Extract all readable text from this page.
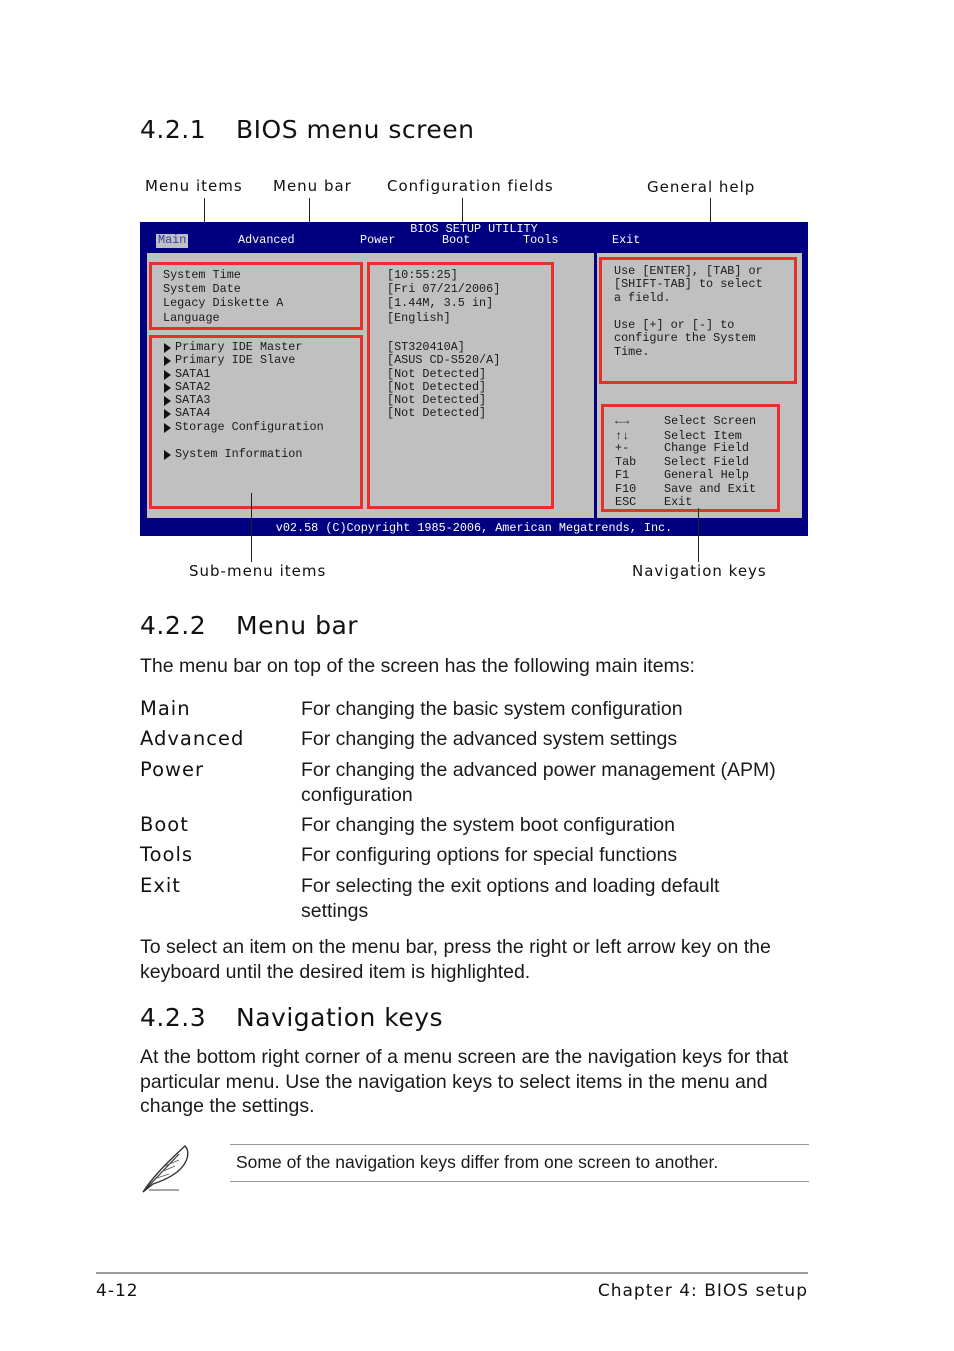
4.2.1 BIOS menu screen
Menu items Menu bar Configuration fields	General help
BIOS SETUP UTILITY
Main	Advanced	Power	Boot	Tools	Exit
System Time
System Date
Legacy Diskette A
Language
Primary IDE Master
Primary IDE Slave
SATA1
SATA2
SATA3
SATA4
Storage Configuration
System Information
[10:55:25]
[Fri 07/21/2006]
[1.44M, 3.5 in]
[English]
[ST320410A]
[ASUS CD-S520/A]
[Not Detected]
[Not Detected]
[Not Detected]
[Not Detected]
Use [ENTER], [TAB] or
[SHIFT-TAB] to select
a field.
Use [+] or [-] to
configure the System
Time.
←→	Select Screen
↑↓	Select Item
+-	Change Field
Tab Select Field
F1	General Help
F10 Save and Exit
ESC Exit
v02.58 (C)Copyright 1985-2006, American Megatrends, Inc.
Sub-menu items	Navigation keys
4.2.2 Menu bar
The menu bar on top of the screen has the following main items:
Main	For changing the basic system configuration
Advanced	For changing the advanced system settings
Power	For changing the advanced power management (APM) configuration
Boot	For changing the system boot configuration
Tools	For configuring options for special functions
Exit	For selecting the exit options and loading default settings
To select an item on the menu bar, press the right or left arrow key on the keyboard until the desired item is highlighted.
4.2.3 Navigation keys
At the bottom right corner of a menu screen are the navigation keys for that particular menu. Use the navigation keys to select items in the menu and change the settings.
Some of the navigation keys differ from one screen to another.
4-12	Chapter 4: BIOS setup
